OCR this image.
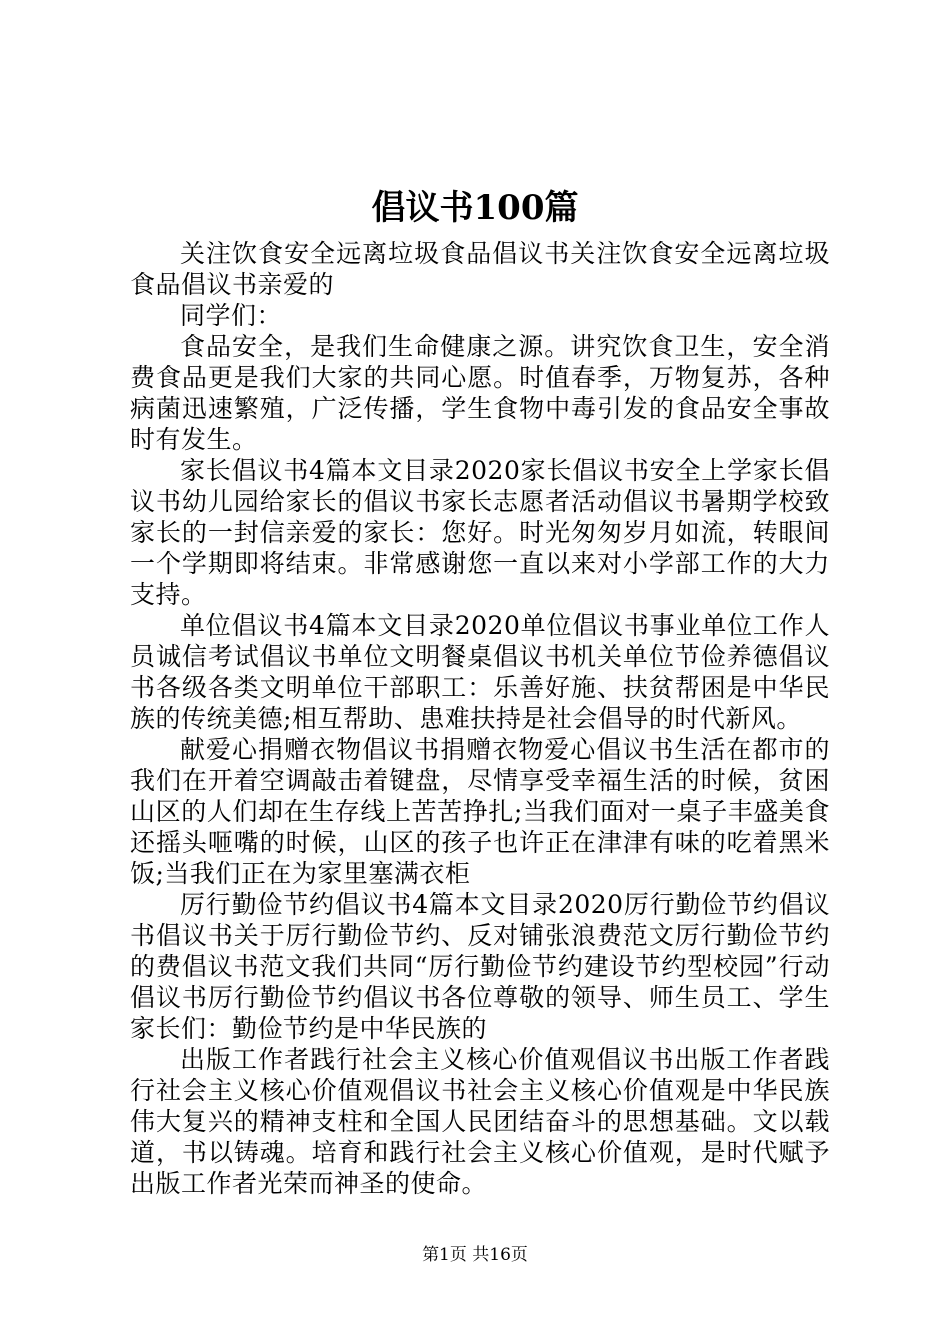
倡议书100篇

关注饮食安全远离垃圾食品倡议书关注饮食安全远离垃圾食品倡议书亲爱的

同学们：

食品安全，是我们生命健康之源。讲究饮食卫生，安全消费食品更是我们大家的共同心愿。时值春季，万物复苏，各种病菌迅速繁殖，广泛传播，学生食物中毒引发的食品安全事故时有发生。

家长倡议书4篇本文目录2020家长倡议书安全上学家长倡议书幼儿园给家长的倡议书家长志愿者活动倡议书暑期学校致家长的一封信亲爱的家长：您好。时光匆匆岁月如流，转眼间一个学期即将结束。非常感谢您一直以来对小学部工作的大力支持。

单位倡议书4篇本文目录2020单位倡议书事业单位工作人员诚信考试倡议书单位文明餐桌倡议书机关单位节俭养德倡议书各级各类文明单位干部职工：乐善好施、扶贫帮困是中华民族的传统美德;相互帮助、患难扶持是社会倡导的时代新风。

献爱心捐赠衣物倡议书捐赠衣物爱心倡议书生活在都市的我们在开着空调敲击着键盘，尽情享受幸福生活的时候，贫困山区的人们却在生存线上苦苦挣扎;当我们面对一桌子丰盛美食还摇头咂嘴的时候，山区的孩子也许正在津津有味的吃着黑米饭;当我们正在为家里塞满衣柜

厉行勤俭节约倡议书4篇本文目录2020厉行勤俭节约倡议书倡议书关于厉行勤俭节约、反对铺张浪费范文厉行勤俭节约的费倡议书范文我们共同“厉行勤俭节约建设节约型校园”行动倡议书厉行勤俭节约倡议书各位尊敬的领导、师生员工、学生家长们：勤俭节约是中华民族的

出版工作者践行社会主义核心价值观倡议书出版工作者践行社会主义核心价值观倡议书社会主义核心价值观是中华民族伟大复兴的精神支柱和全国人民团结奋斗的思想基础。文以载道，书以铸魂。培育和践行社会主义核心价值观，是时代赋予出版工作者光荣而神圣的使命。

第1页 共16页
